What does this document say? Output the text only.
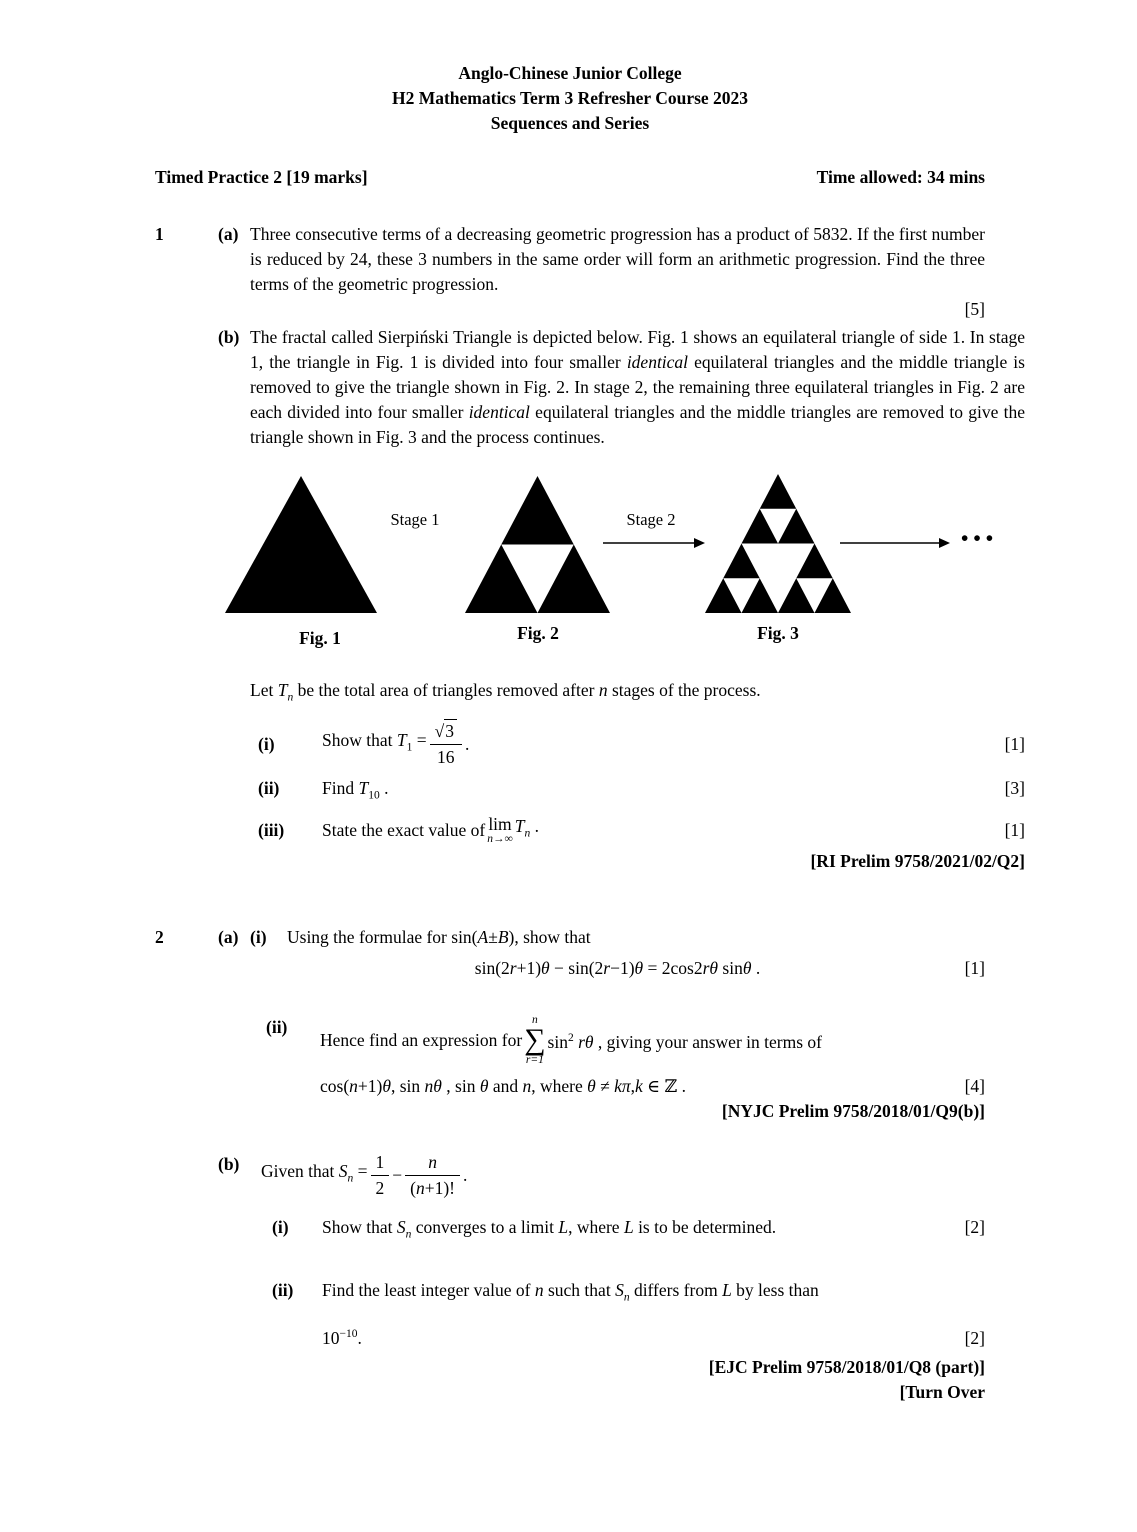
Anglo-Chinese Junior College
H2 Mathematics Term 3 Refresher Course 2023
Sequences and Series
Timed Practice 2 [19 marks]	Time allowed: 34 mins
1	(a) Three consecutive terms of a decreasing geometric progression has a product of 5832. If the first number is reduced by 24, these 3 numbers in the same order will form an arithmetic progression. Find the three terms of the geometric progression.
[5]
(b) The fractal called Sierpiński Triangle is depicted below. Fig. 1 shows an equilateral triangle of side 1. In stage 1, the triangle in Fig. 1 is divided into four smaller identical equilateral triangles and the middle triangle is removed to give the triangle shown in Fig. 2. In stage 2, the remaining three equilateral triangles in Fig. 2 are each divided into four smaller identical equilateral triangles and the middle triangles are removed to give the triangle shown in Fig. 3 and the process continues.
Stage 1	Stage 2
•••
Fig. 1	Fig. 2	Fig. 3
Let $T_n$ be the total area of triangles removed after n stages of the process.
(i)	Show that $T_1 = \frac{√3}{16}$ .	[1]
(ii)	Find $T_{10}$ .	[3]
(iii)	State the exact value of lim
n→∞
$T_n$ .	[1]
[RI Prelim 9758/2021/02/Q2]
2	(a) (i)	Using the formulae for sin(A±B), show that
sin(2r+1)θ − sin(2r−1)θ = 2cos2rθ sinθ .	[1]
(ii)
Hence find an expression for
n
∑
r=1
$\sin^2 r\theta$ , giving your answer in terms of
cos(n+1)θ, sin nθ , sin θ and n, where θ ≠ kπ,k ∈ ℤ .	[4]
[NYJC Prelim 9758/2018/01/Q9(b)]
(b)	Given that $S_n = \frac{1}{2} - \frac{n}{(n+1)!}$ .
(i)	Show that $S_n$ converges to a limit L, where L is to be determined.	[2]
(ii)	Find the least integer value of n such that $S_n$ differs from L by less than
$10^{-10}$.	[2]
[EJC Prelim 9758/2018/01/Q8 (part)]
[Turn Over
